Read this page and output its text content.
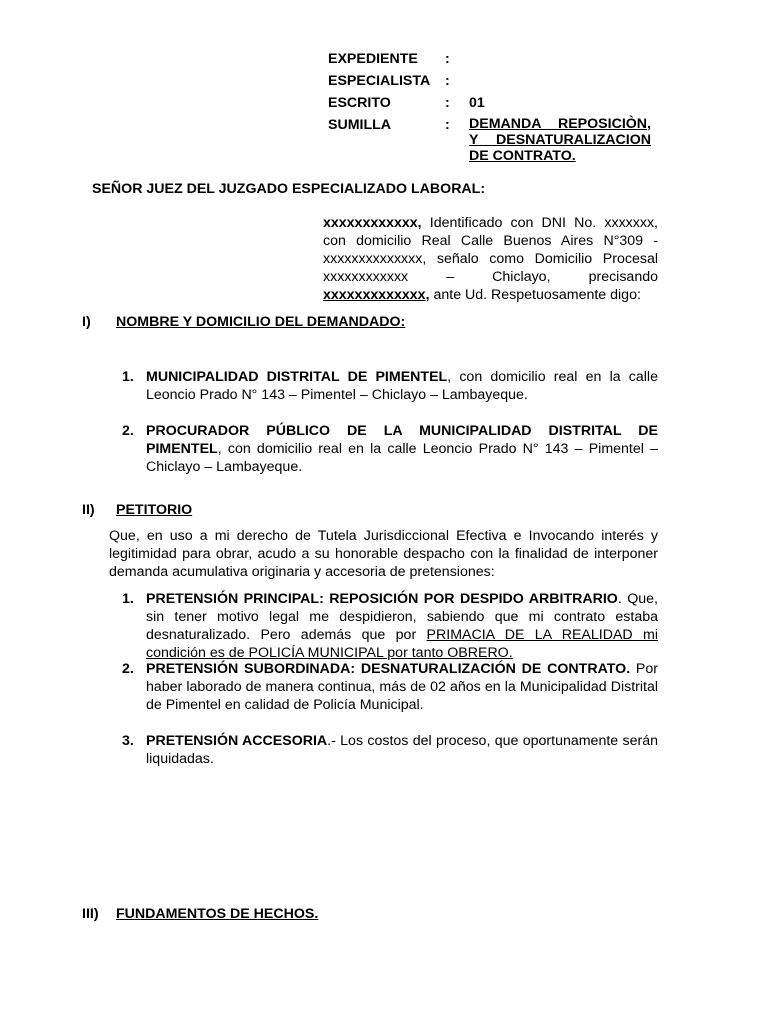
EXPEDIENTE :
ESPECIALISTA :
ESCRITO	: 01
SUMILLA	: DEMANDA REPOSICIÒN, Y DESNATURALIZACION DE CONTRATO.
SEÑOR JUEZ DEL JUZGADO ESPECIALIZADO LABORAL:
xxxxxxxxxxxx, Identificado con DNI No. xxxxxxx,
con domicilio Real Calle Buenos Aires N°309 -
xxxxxxxxxxxxxx, señalo como Domicilio Procesal
xxxxxxxxxxxx – Chiclayo, precisando
xxxxxxxxxxxxx, ante Ud. Respetuosamente digo:
I) NOMBRE Y DOMICILIO DEL DEMANDADO:
1. MUNICIPALIDAD DISTRITAL DE PIMENTEL, con domicilio real en la calle Leoncio Prado N° 143 – Pimentel – Chiclayo – Lambayeque.
2. PROCURADOR PÚBLICO DE LA MUNICIPALIDAD DISTRITAL DE PIMENTEL, con domicilio real en la calle Leoncio Prado N° 143 – Pimentel – Chiclayo – Lambayeque.
II) PETITORIO
Que, en uso a mi derecho de Tutela Jurisdiccional Efectiva e Invocando interés y legitimidad para obrar, acudo a su honorable despacho con la finalidad de interponer demanda acumulativa originaria y accesoria de pretensiones:
1. PRETENSIÓN PRINCIPAL: REPOSICIÓN POR DESPIDO ARBITRARIO. Que, sin tener motivo legal me despidieron, sabiendo que mi contrato estaba desnaturalizado. Pero además que por PRIMACIA DE LA REALIDAD mi condición es de POLICÍA MUNICIPAL por tanto OBRERO.
2. PRETENSIÓN SUBORDINADA: DESNATURALIZACIÓN DE CONTRATO. Por haber laborado de manera continua, más de 02 años en la Municipalidad Distrital de Pimentel en calidad de Policía Municipal.
3. PRETENSIÓN ACCESORIA.- Los costos del proceso, que oportunamente serán liquidadas.
III) FUNDAMENTOS DE HECHOS.
